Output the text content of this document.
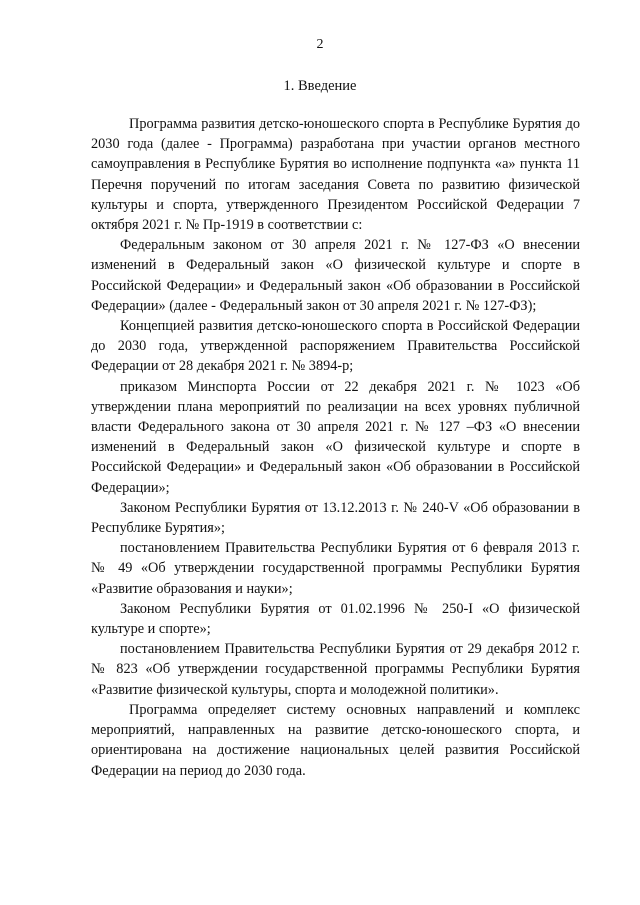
2
1. Введение

Программа развития детско-юношеского спорта в Республике Бурятия до 2030 года (далее - Программа) разработана при участии органов местного самоуправления в Республике Бурятия во исполнение подпункта «а» пункта 11 Перечня поручений по итогам заседания Совета по развитию физической культуры и спорта, утвержденного Президентом Российской Федерации 7 октября 2021 г. № Пр-1919 в соответствии с:

Федеральным законом от 30 апреля 2021 г. № 127-ФЗ «О внесении изменений в Федеральный закон «О физической культуре и спорте в Российской Федерации» и Федеральный закон «Об образовании в Российской Федерации» (далее - Федеральный закон от 30 апреля 2021 г. № 127-ФЗ);

Концепцией развития детско-юношеского спорта в Российской Федерации до 2030 года, утвержденной распоряжением Правительства Российской Федерации от 28 декабря 2021 г. № 3894-р;

приказом Минспорта России от 22 декабря 2021 г. № 1023 «Об утверждении плана мероприятий по реализации на всех уровнях публичной власти Федерального закона от 30 апреля 2021 г. № 127 –ФЗ «О внесении изменений в Федеральный закон «О физической культуре и спорте в Российской Федерации» и Федеральный закон «Об образовании в Российской Федерации»;

Законом Республики Бурятия от 13.12.2013 г. № 240-V «Об образовании в Республике Бурятия»;

постановлением Правительства Республики Бурятия от 6 февраля 2013 г. № 49 «Об утверждении государственной программы Республики Бурятия «Развитие образования и науки»;

Законом Республики Бурятия от 01.02.1996 № 250-I «О физической культуре и спорте»;

постановлением Правительства Республики Бурятия от 29 декабря 2012 г. № 823 «Об утверждении государственной программы Республики Бурятия «Развитие физической культуры, спорта и молодежной политики».

Программа определяет систему основных направлений и комплекс мероприятий, направленных на развитие детско-юношеского спорта, и ориентирована на достижение национальных целей развития Российской Федерации на период до 2030 года.
